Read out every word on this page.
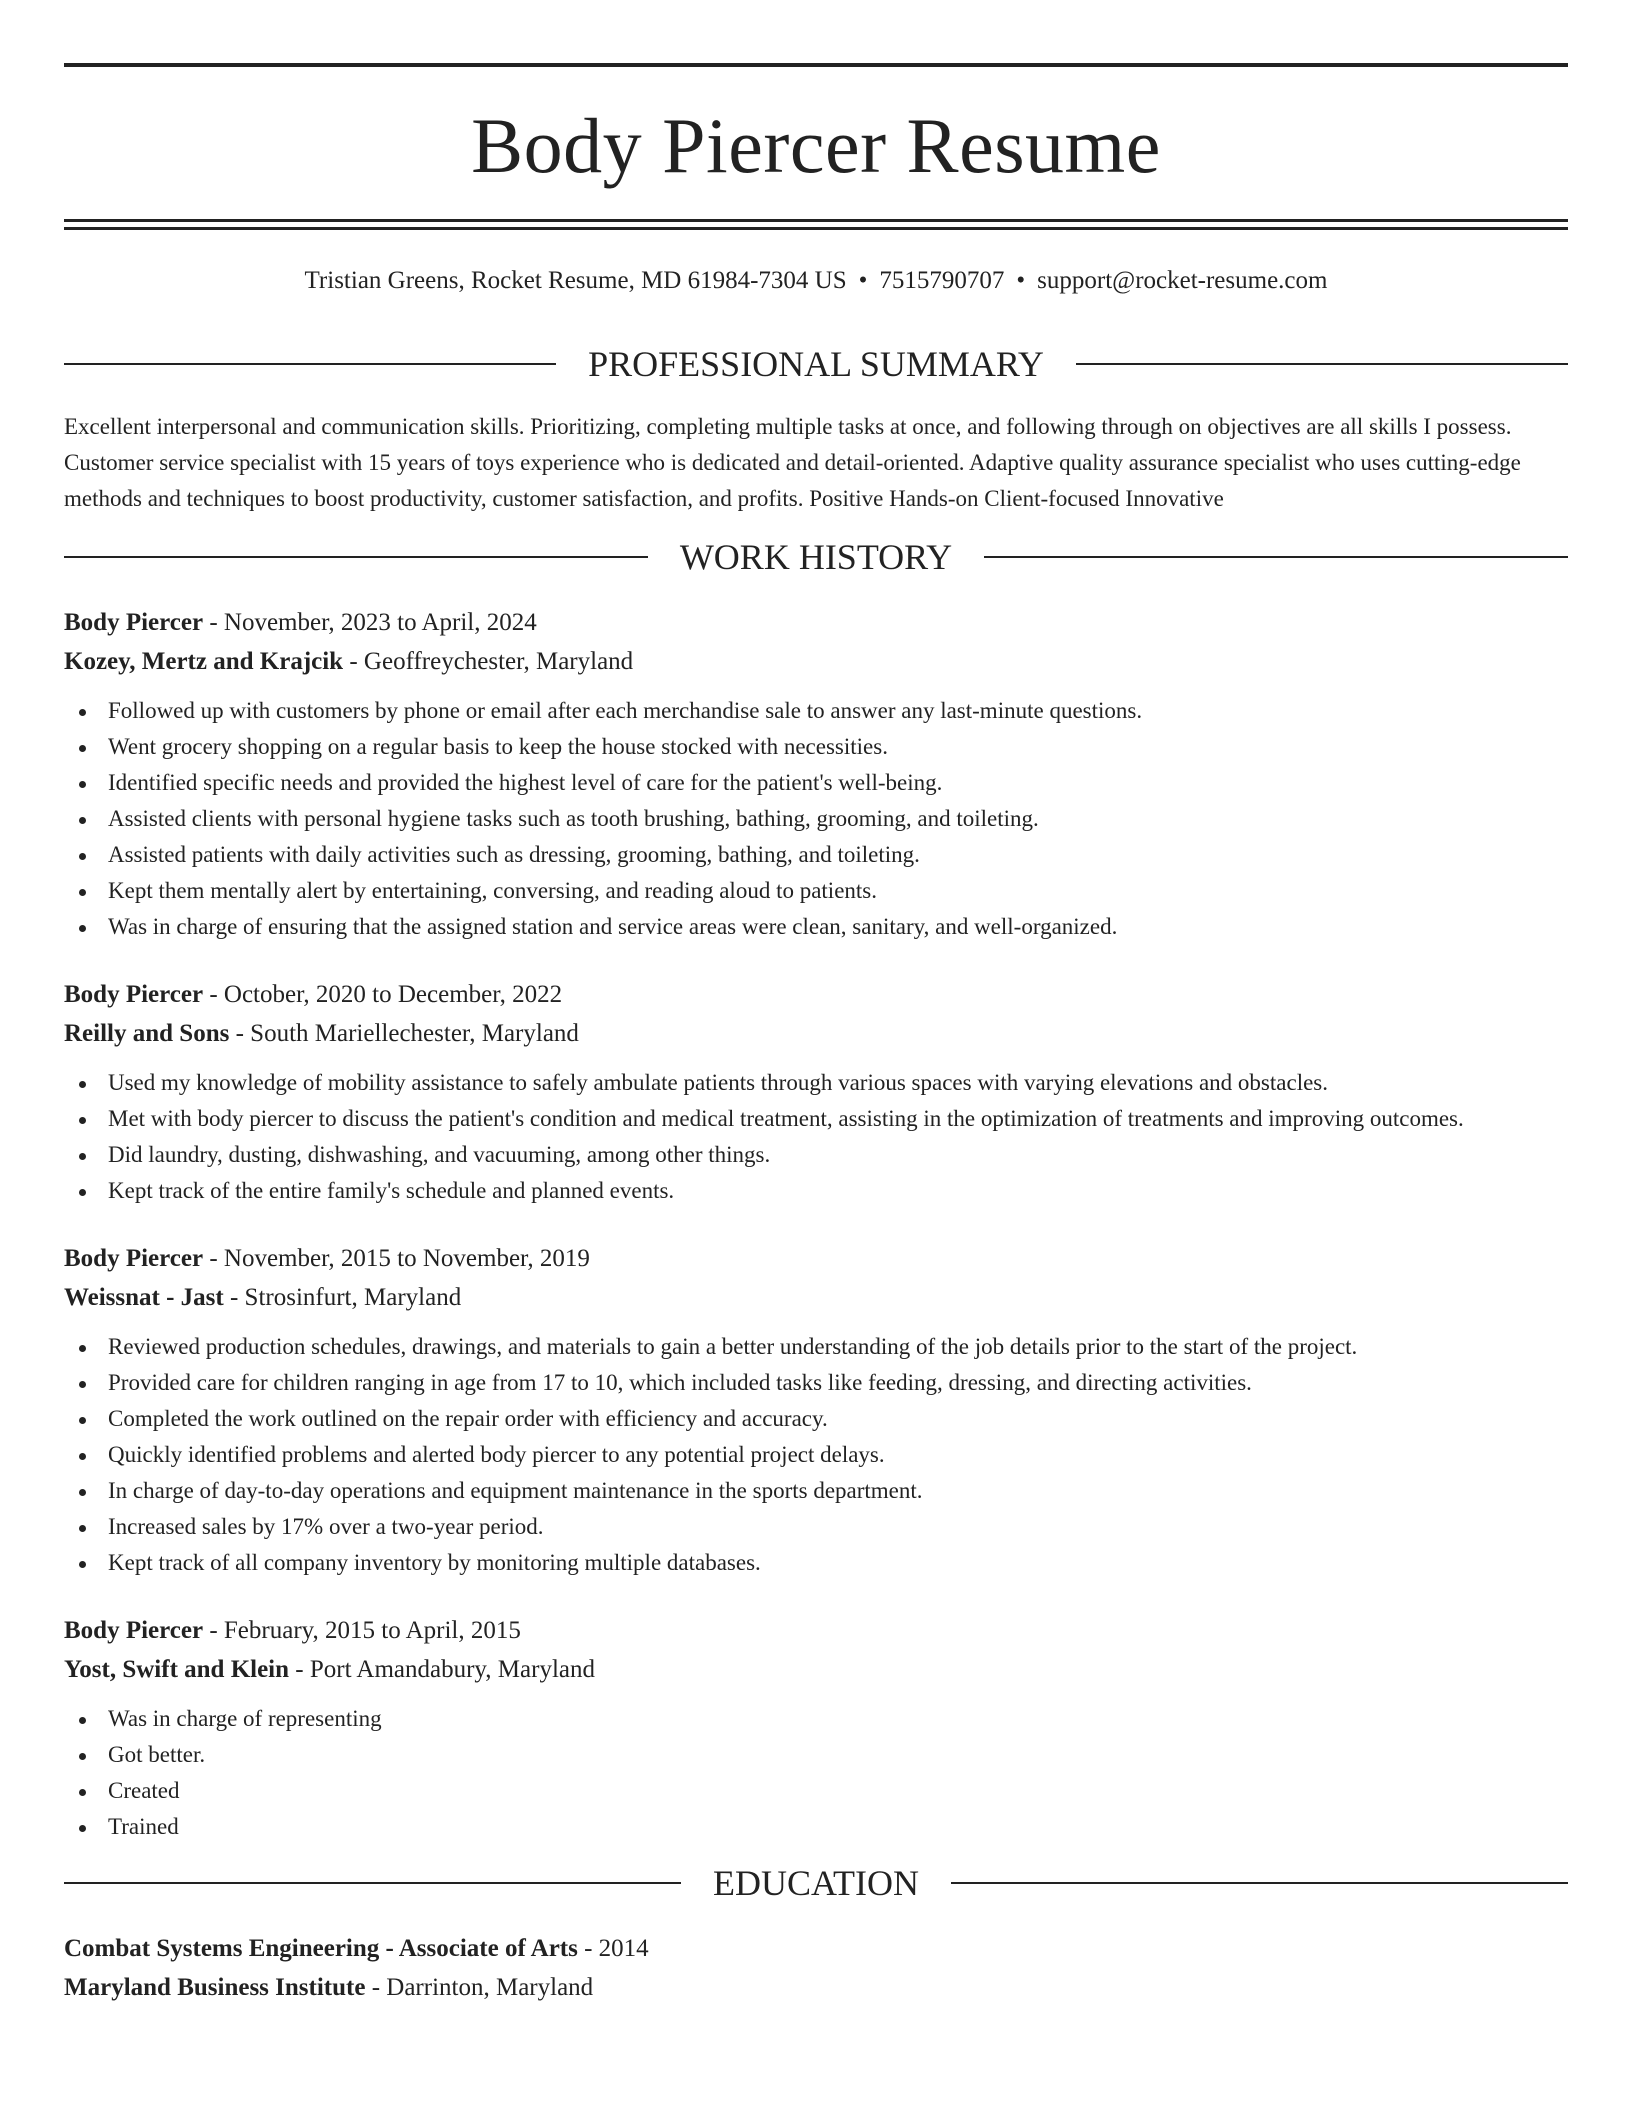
Body Piercer Resume
Tristian Greens, Rocket Resume, MD 61984-7304 US • 7515790707 • support@rocket-resume.com
PROFESSIONAL SUMMARY
Excellent interpersonal and communication skills. Prioritizing, completing multiple tasks at once, and following through on objectives are all skills I possess. Customer service specialist with 15 years of toys experience who is dedicated and detail-oriented. Adaptive quality assurance specialist who uses cutting-edge methods and techniques to boost productivity, customer satisfaction, and profits. Positive Hands-on Client-focused Innovative
WORK HISTORY
Body Piercer - November, 2023 to April, 2024
Kozey, Mertz and Krajcik - Geoffreychester, Maryland
Followed up with customers by phone or email after each merchandise sale to answer any last-minute questions.
Went grocery shopping on a regular basis to keep the house stocked with necessities.
Identified specific needs and provided the highest level of care for the patient's well-being.
Assisted clients with personal hygiene tasks such as tooth brushing, bathing, grooming, and toileting.
Assisted patients with daily activities such as dressing, grooming, bathing, and toileting.
Kept them mentally alert by entertaining, conversing, and reading aloud to patients.
Was in charge of ensuring that the assigned station and service areas were clean, sanitary, and well-organized.
Body Piercer - October, 2020 to December, 2022
Reilly and Sons - South Mariellechester, Maryland
Used my knowledge of mobility assistance to safely ambulate patients through various spaces with varying elevations and obstacles.
Met with body piercer to discuss the patient's condition and medical treatment, assisting in the optimization of treatments and improving outcomes.
Did laundry, dusting, dishwashing, and vacuuming, among other things.
Kept track of the entire family's schedule and planned events.
Body Piercer - November, 2015 to November, 2019
Weissnat - Jast - Strosinfurt, Maryland
Reviewed production schedules, drawings, and materials to gain a better understanding of the job details prior to the start of the project.
Provided care for children ranging in age from 17 to 10, which included tasks like feeding, dressing, and directing activities.
Completed the work outlined on the repair order with efficiency and accuracy.
Quickly identified problems and alerted body piercer to any potential project delays.
In charge of day-to-day operations and equipment maintenance in the sports department.
Increased sales by 17% over a two-year period.
Kept track of all company inventory by monitoring multiple databases.
Body Piercer - February, 2015 to April, 2015
Yost, Swift and Klein - Port Amandabury, Maryland
Was in charge of representing
Got better.
Created
Trained
EDUCATION
Combat Systems Engineering - Associate of Arts - 2014
Maryland Business Institute - Darrinton, Maryland
